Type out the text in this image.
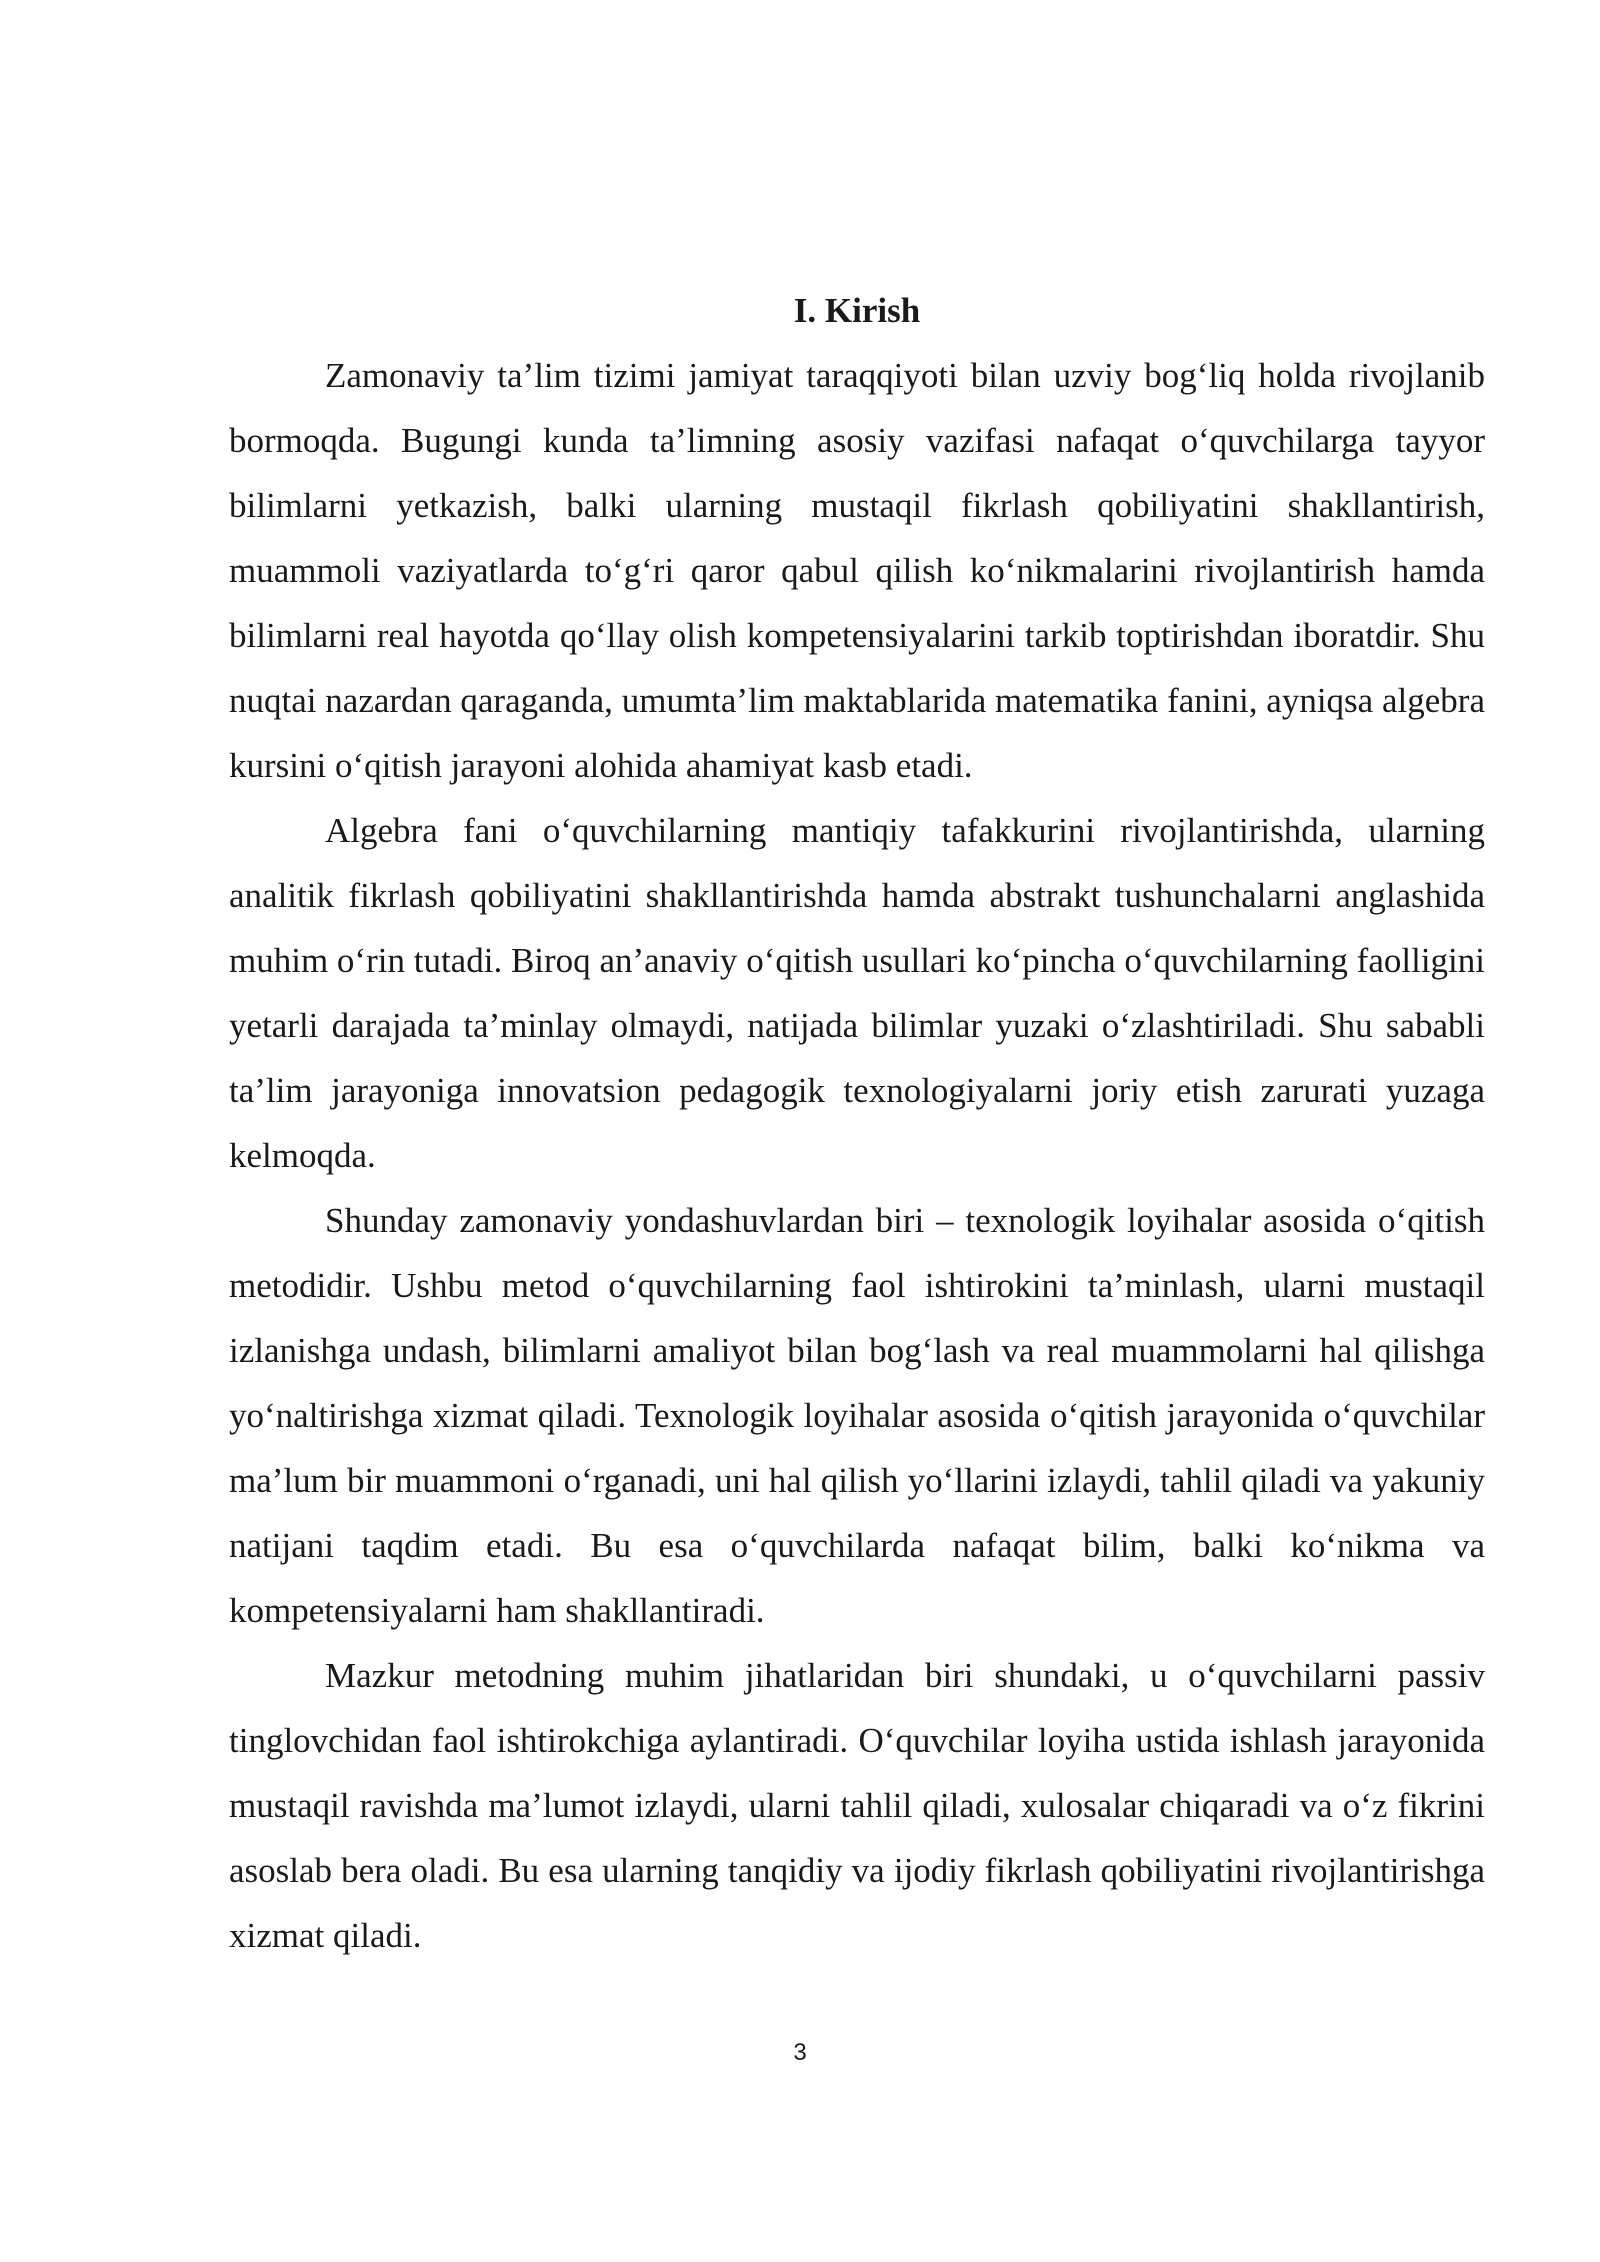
I. Kirish

Zamonaviy ta’lim tizimi jamiyat taraqqiyoti bilan uzviy bog‘liq holda rivojlanib bormoqda. Bugungi kunda ta’limning asosiy vazifasi nafaqat o‘quvchilarga tayyor bilimlarni yetkazish, balki ularning mustaqil fikrlash qobiliyatini shakllantirish, muammoli vaziyatlarda to‘g‘ri qaror qabul qilish ko‘nikmalarini rivojlantirish hamda bilimlarni real hayotda qo‘llay olish kompetensiyalarini tarkib toptirishdan iboratdir. Shu nuqtai nazardan qaraganda, umumta’lim maktablarida matematika fanini, ayniqsa algebra kursini o‘qitish jarayoni alohida ahamiyat kasb etadi.

Algebra fani o‘quvchilarning mantiqiy tafakkurini rivojlantirishda, ularning analitik fikrlash qobiliyatini shakllantirishda hamda abstrakt tushunchalarni anglashida muhim o‘rin tutadi. Biroq an’anaviy o‘qitish usullari ko‘pincha o‘quvchilarning faolligini yetarli darajada ta’minlay olmaydi, natijada bilimlar yuzaki o‘zlashtiriladi. Shu sababli ta’lim jarayoniga innovatsion pedagogik texnologiyalarni joriy etish zarurati yuzaga kelmoqda.

Shunday zamonaviy yondashuvlardan biri – texnologik loyihalar asosida o‘qitish metodidir. Ushbu metod o‘quvchilarning faol ishtirokini ta’minlash, ularni mustaqil izlanishga undash, bilimlarni amaliyot bilan bog‘lash va real muammolarni hal qilishga yo‘naltirishga xizmat qiladi. Texnologik loyihalar asosida o‘qitish jarayonida o‘quvchilar ma’lum bir muammoni o‘rganadi, uni hal qilish yo‘llarini izlaydi, tahlil qiladi va yakuniy natijani taqdim etadi. Bu esa o‘quvchilarda nafaqat bilim, balki ko‘nikma va kompetensiyalarni ham shakllantiradi.

Mazkur metodning muhim jihatlaridan biri shundaki, u o‘quvchilarni passiv tinglovchidan faol ishtirokchiga aylantiradi. O‘quvchilar loyiha ustida ishlash jarayonida mustaqil ravishda ma’lumot izlaydi, ularni tahlil qiladi, xulosalar chiqaradi va o‘z fikrini asoslab bera oladi. Bu esa ularning tanqidiy va ijodiy fikrlash qobiliyatini rivojlantirishga xizmat qiladi.

3
